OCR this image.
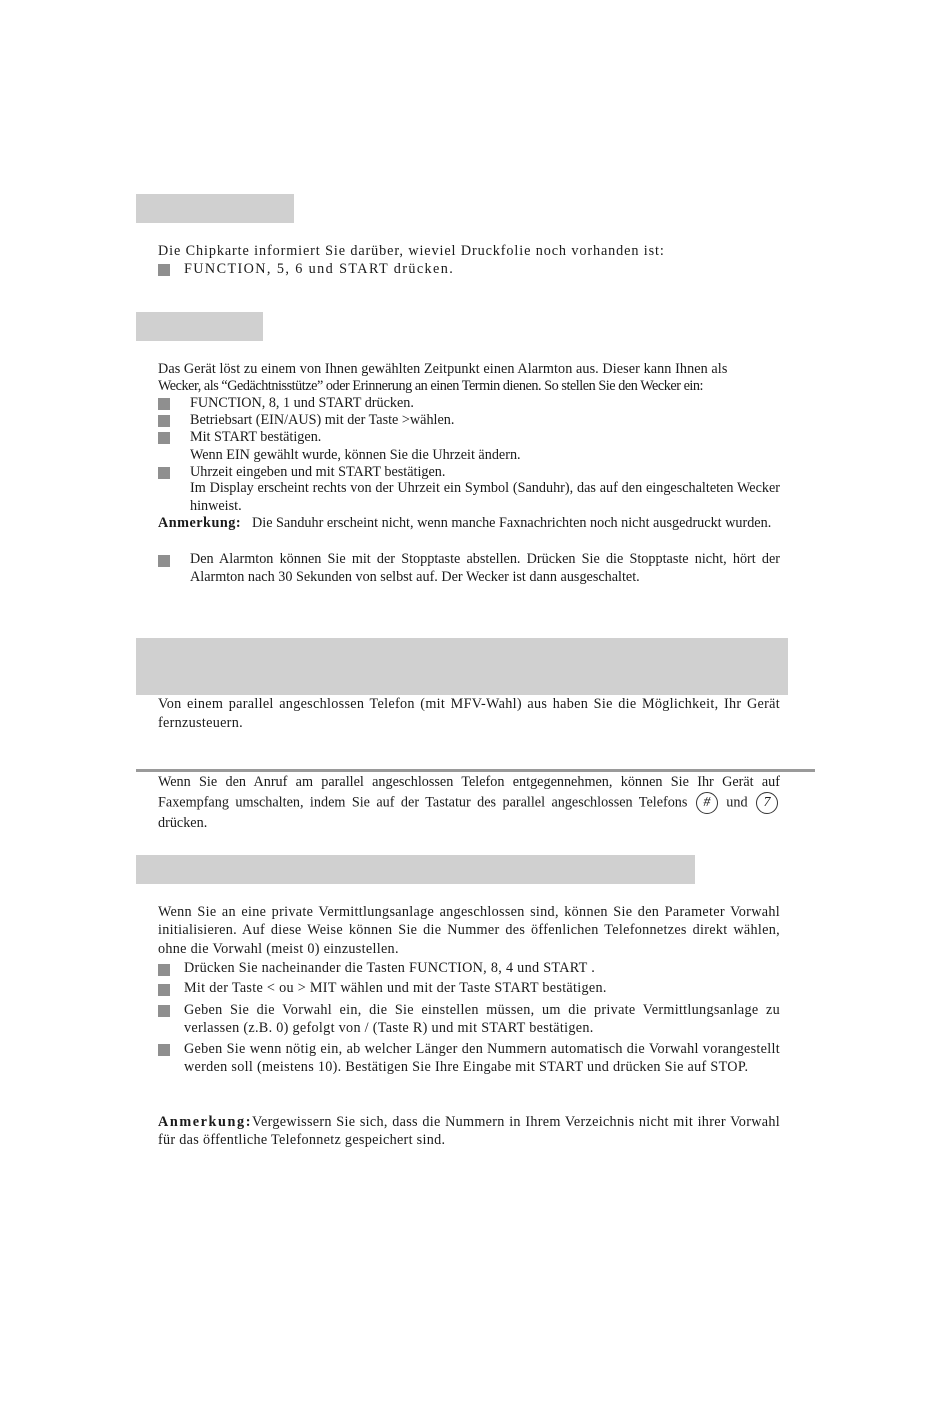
Die Chipkarte informiert Sie darüber, wieviel Druckfolie noch vorhanden ist:
FUNCTION, 5, 6 und START drücken.
Das Gerät löst zu einem von Ihnen gewählten Zeitpunkt einen Alarmton aus. Dieser kann Ihnen als
Wecker, als “Gedächtnisstütze” oder Erinnerung an einen Termin dienen. So stellen Sie den Wecker ein:
FUNCTION, 8, 1 und START drücken.
Betriebsart (EIN/AUS) mit der Taste >wählen.
Mit START bestätigen.
Wenn EIN gewählt wurde, können Sie die Uhrzeit ändern.
Uhrzeit eingeben und mit START bestätigen.
Im Display erscheint rechts von der Uhrzeit ein Symbol (Sanduhr), das auf den eingeschalteten Wecker hinweist.
Anmerkung: Die Sanduhr erscheint nicht, wenn manche Faxnachrichten noch nicht ausgedruckt wurden.
Den Alarmton können Sie mit der Stopptaste abstellen. Drücken Sie die Stopptaste nicht, hört der Alarmton nach 30 Sekunden von selbst auf. Der Wecker ist dann ausgeschaltet.
Von einem parallel angeschlossen Telefon (mit MFV-Wahl) aus haben Sie die Möglichkeit, Ihr Gerät fernzusteuern.
Wenn Sie den Anruf am parallel angeschlossen Telefon entgegennehmen, können Sie Ihr Gerät auf Faxempfang umschalten, indem Sie auf der Tastatur des parallel angeschlossen Telefons # und 7 drücken.
Wenn Sie an eine private Vermittlungsanlage angeschlossen sind, können Sie den Parameter Vorwahl initialisieren. Auf diese Weise können Sie die Nummer des öffenlichen Telefonnetzes direkt wählen, ohne die Vorwahl (meist 0) einzustellen.
Drücken Sie nacheinander die Tasten FUNCTION, 8, 4 und START .
Mit der Taste < ou > MIT wählen und mit der Taste START bestätigen.
Geben Sie die Vorwahl ein, die Sie einstellen müssen, um die private Vermittlungsanlage zu verlassen (z.B. 0) gefolgt von / (Taste R) und mit START bestätigen.
Geben Sie wenn nötig ein, ab welcher Länger den Nummern automatisch die Vorwahl vorangestellt werden soll (meistens 10). Bestätigen Sie Ihre Eingabe mit START und drücken Sie auf STOP.
Anmerkung:Vergewissern Sie sich, dass die Nummern in Ihrem Verzeichnis nicht mit ihrer Vorwahl für das öffentliche Telefonnetz gespeichert sind.
